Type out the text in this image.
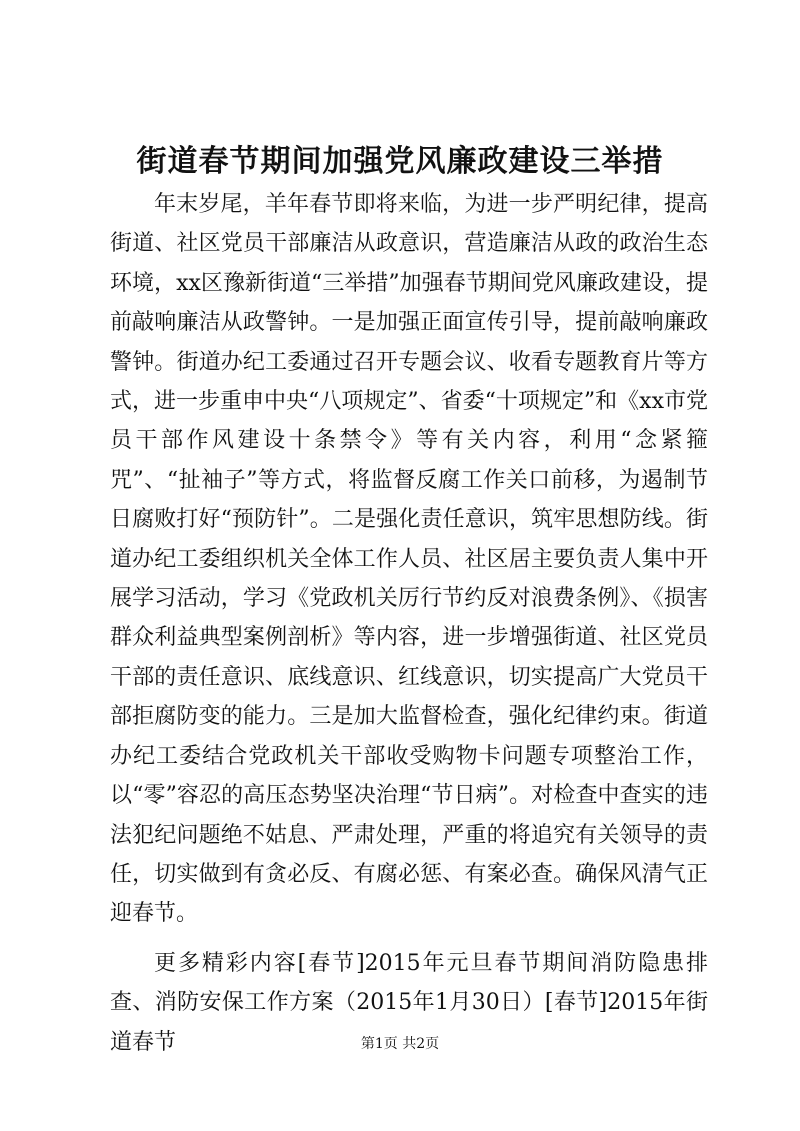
街道春节期间加强党风廉政建设三举措

年末岁尾，羊年春节即将来临，为进一步严明纪律，提高街道、社区党员干部廉洁从政意识，营造廉洁从政的政治生态环境，xx区豫新街道“三举措”加强春节期间党风廉政建设，提前敲响廉洁从政警钟。一是加强正面宣传引导，提前敲响廉政警钟。街道办纪工委通过召开专题会议、收看专题教育片等方式，进一步重申中央“八项规定”、省委“十项规定”和《xx市党员干部作风建设十条禁令》等有关内容，利用“念紧箍咒”、“扯袖子”等方式，将监督反腐工作关口前移，为遏制节日腐败打好“预防针”。二是强化责任意识，筑牢思想防线。街道办纪工委组织机关全体工作人员、社区居主要负责人集中开展学习活动，学习《党政机关厉行节约反对浪费条例》、《损害群众利益典型案例剖析》等内容，进一步增强街道、社区党员干部的责任意识、底线意识、红线意识，切实提高广大党员干部拒腐防变的能力。三是加大监督检查，强化纪律约束。街道办纪工委结合党政机关干部收受购物卡问题专项整治工作，以“零”容忍的高压态势坚决治理“节日病”。对检查中查实的违法犯纪问题绝不姑息、严肃处理，严重的将追究有关领导的责任，切实做到有贪必反、有腐必惩、有案必查。确保风清气正迎春节。

更多精彩内容[春节]2015年元旦春节期间消防隐患排查、消防安保工作方案（2015年1月30日）[春节]2015年街道春节	第1页 共2页
